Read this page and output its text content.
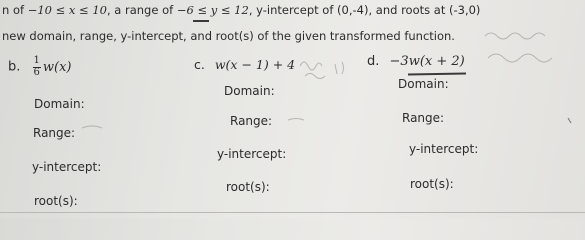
n of −10 ≤ x ≤ 10, a range of −6 ≤ y ≤ 12, y-intercept of (0,-4), and roots at (-3,0)
new domain, range, y-intercept, and root(s) of the given transformed function.
b. $\frac{1}{6} w(x)$
Domain:
Range:
y-intercept:
root(s):
c. w(x − 1) + 4
Domain:
Range:
y-intercept:
root(s):
d. −3w(x + 2)
Domain:
Range:
y-intercept:
root(s):
